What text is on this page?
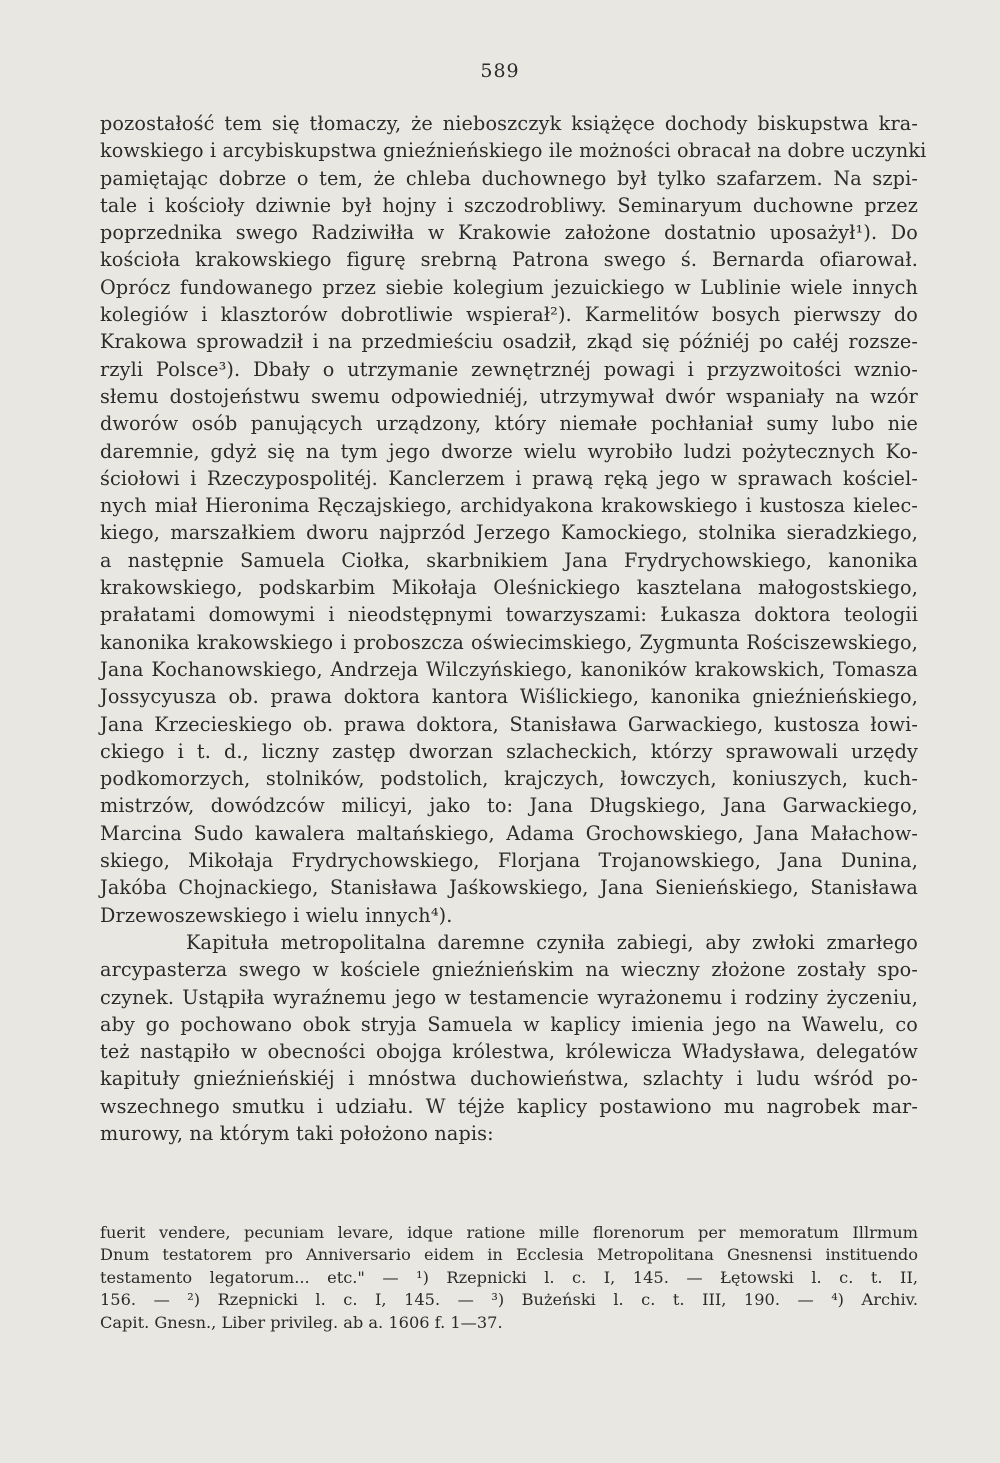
589
pozostałość tem się tłomaczy, że nieboszczyk książęce dochody biskupstwa kra-
kowskiego i arcybiskupstwa gnieźnieńskiego ile możności obracał na dobre uczynki
pamiętając dobrze o tem, że chleba duchownego był tylko szafarzem. Na szpi-
tale i kościoły dziwnie był hojny i szczodrobliwy. Seminaryum duchowne przez
poprzednika swego Radziwiłła w Krakowie założone dostatnio uposażył¹). Do
kościoła krakowskiego figurę srebrną Patrona swego ś. Bernarda ofiarował.
Oprócz fundowanego przez siebie kolegium jezuickiego w Lublinie wiele innych
kolegiów i klasztorów dobrotliwie wspierał²). Karmelitów bosych pierwszy do
Krakowa sprowadził i na przedmieściu osadził, zkąd się późniéj po całéj rozsze-
rzyli Polsce³). Dbały o utrzymanie zewnętrznéj powagi i przyzwoitości wznio-
słemu dostojeństwu swemu odpowiedniéj, utrzymywał dwór wspaniały na wzór
dworów osób panujących urządzony, który niemałe pochłaniał sumy lubo nie
daremnie, gdyż się na tym jego dworze wielu wyrobiło ludzi pożytecznych Ko-
ściołowi i Rzeczypospolitéj. Kanclerzem i prawą ręką jego w sprawach kościel-
nych miał Hieronima Ręczajskiego, archidyakona krakowskiego i kustosza kielec-
kiego, marszałkiem dworu najprzód Jerzego Kamockiego, stolnika sieradzkiego,
a następnie Samuela Ciołka, skarbnikiem Jana Frydrychowskiego, kanonika
krakowskiego, podskarbim Mikołaja Oleśnickiego kasztelana małogostskiego,
prałatami domowymi i nieodstępnymi towarzyszami: Łukasza doktora teologii
kanonika krakowskiego i proboszcza oświecimskiego, Zygmunta Rościszewskiego,
Jana Kochanowskiego, Andrzeja Wilczyńskiego, kanoników krakowskich, Tomasza
Jossycyusza ob. prawa doktora kantora Wiślickiego, kanonika gnieźnieńskiego,
Jana Krzecieskiego ob. prawa doktora, Stanisława Garwackiego, kustosza łowi-
ckiego i t. d., liczny zastęp dworzan szlacheckich, którzy sprawowali urzędy
podkomorzych, stolników, podstolich, krajczych, łowczych, koniuszych, kuch-
mistrzów, dowódzców milicyi, jako to: Jana Długskiego, Jana Garwackiego,
Marcina Sudo kawalera maltańskiego, Adama Grochowskiego, Jana Małachow-
skiego, Mikołaja Frydrychowskiego, Florjana Trojanowskiego, Jana Dunina,
Jakóba Chojnackiego, Stanisława Jaśkowskiego, Jana Sienieńskiego, Stanisława
Drzewoszewskiego i wielu innych⁴).
Kapituła metropolitalna daremne czyniła zabiegi, aby zwłoki zmarłego
arcypasterza swego w kościele gnieźnieńskim na wieczny złożone zostały spo-
czynek. Ustąpiła wyraźnemu jego w testamencie wyrażonemu i rodziny życzeniu,
aby go pochowano obok stryja Samuela w kaplicy imienia jego na Wawelu, co
też nastąpiło w obecności obojga królestwa, królewicza Władysława, delegatów
kapituły gnieźnieńskiéj i mnóstwa duchowieństwa, szlachty i ludu wśród po-
wszechnego smutku i udziału. W téjże kaplicy postawiono mu nagrobek mar-
murowy, na którym taki położono napis:
fuerit vendere, pecuniam levare, idque ratione mille florenorum per memoratum Illrmum
Dnum testatorem pro Anniversario eidem in Ecclesia Metropolitana Gnesnensi instituendo
testamento legatorum... etc." — ¹) Rzepnicki l. c. I, 145. — Łętowski l. c. t. II,
156. — ²) Rzepnicki l. c. I, 145. — ³) Bużeński l. c. t. III, 190. — ⁴) Archiv.
Capit. Gnesn., Liber privileg. ab a. 1606 f. 1—37.
